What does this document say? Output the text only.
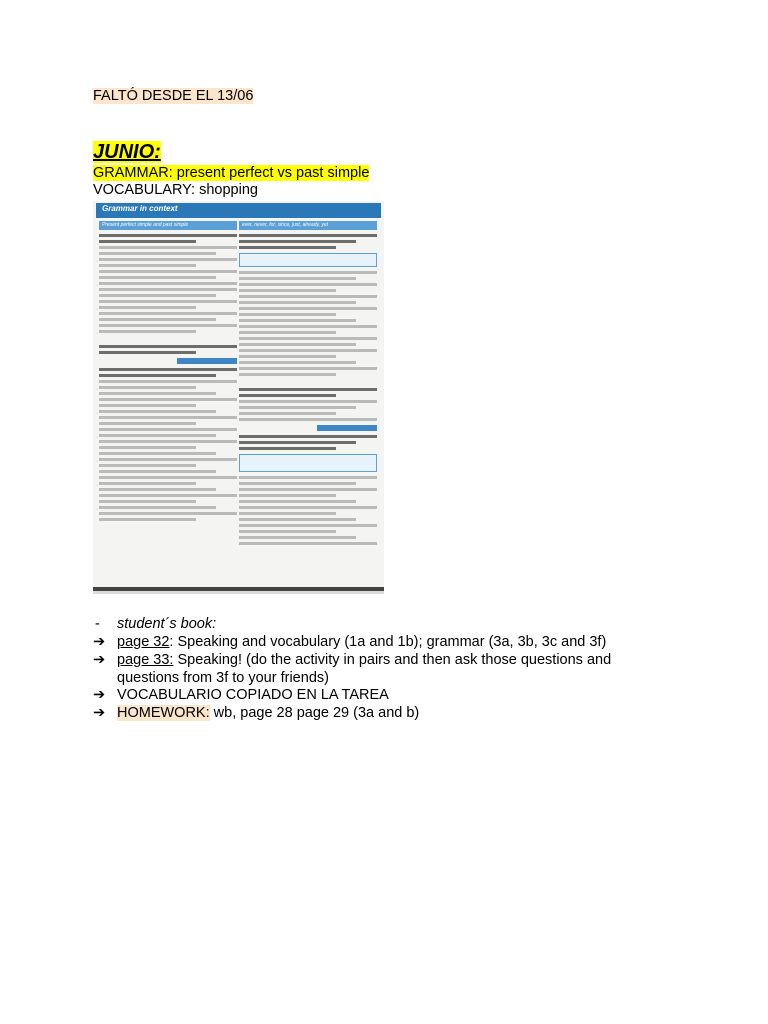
FALTÓ DESDE EL 13/06
JUNIO:
GRAMMAR: present perfect vs past simple
VOCABULARY: shopping
Grammar in context
Present perfect simple and past simple	ever, never, for, since, just, already, yet
- student´s book:
➔ page 32: Speaking and vocabulary (1a and 1b); grammar (3a, 3b, 3c and 3f)
➔ page 33: Speaking! (do the activity in pairs and then ask those questions and
questions from 3f to your friends)
➔ VOCABULARIO COPIADO EN LA TAREA
➔ HOMEWORK: wb, page 28 page 29 (3a and b)
